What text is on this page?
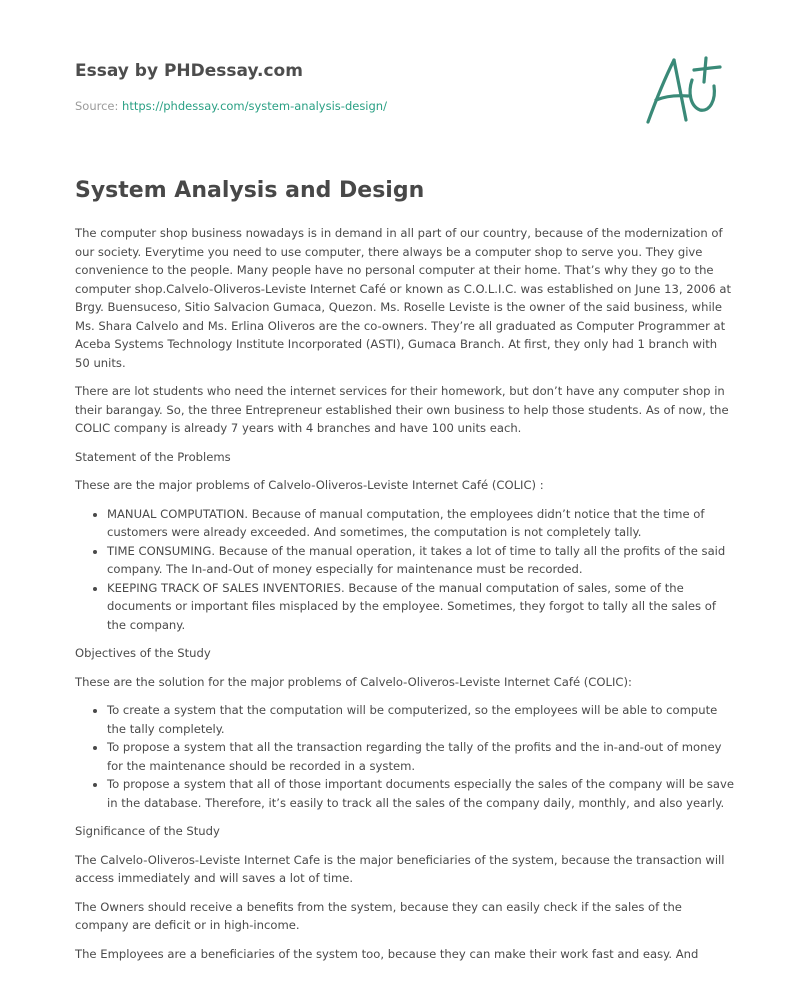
Essay by PHDessay.com
Source: https://phdessay.com/system-analysis-design/
System Analysis and Design

The computer shop business nowadays is in demand in all part of our country, because of the modernization of our society. Everytime you need to use computer, there always be a computer shop to serve you. They give convenience to the people. Many people have no personal computer at their home. That’s why they go to the computer shop.Calvelo-Oliveros-Leviste Internet Café or known as C.O.L.I.C. was established on June 13, 2006 at Brgy. Buensuceso, Sitio Salvacion Gumaca, Quezon. Ms. Roselle Leviste is the owner of the said business, while Ms. Shara Calvelo and Ms. Erlina Oliveros are the co-owners. They’re all graduated as Computer Programmer at Aceba Systems Technology Institute Incorporated (ASTI), Gumaca Branch. At first, they only had 1 branch with 50 units.

There are lot students who need the internet services for their homework, but don’t have any computer shop in their barangay. So, the three Entrepreneur established their own business to help those students. As of now, the COLIC company is already 7 years with 4 branches and have 100 units each.

Statement of the Problems

These are the major problems of Calvelo-Oliveros-Leviste Internet Café (COLIC) :

• MANUAL COMPUTATION. Because of manual computation, the employees didn’t notice that the time of customers were already exceeded. And sometimes, the computation is not completely tally.
• TIME CONSUMING. Because of the manual operation, it takes a lot of time to tally all the profits of the said company. The In-and-Out of money especially for maintenance must be recorded.
• KEEPING TRACK OF SALES INVENTORIES. Because of the manual computation of sales, some of the documents or important files misplaced by the employee. Sometimes, they forgot to tally all the sales of the company.

Objectives of the Study

These are the solution for the major problems of Calvelo-Oliveros-Leviste Internet Café (COLIC):

• To create a system that the computation will be computerized, so the employees will be able to compute the tally completely.
• To propose a system that all the transaction regarding the tally of the profits and the in-and-out of money for the maintenance should be recorded in a system.
• To propose a system that all of those important documents especially the sales of the company will be save in the database. Therefore, it’s easily to track all the sales of the company daily, monthly, and also yearly.

Significance of the Study

The Calvelo-Oliveros-Leviste Internet Cafe is the major beneficiaries of the system, because the transaction will access immediately and will saves a lot of time.

The Owners should receive a benefits from the system, because they can easily check if the sales of the company are deficit or in high-income.

The Employees are a beneficiaries of the system too, because they can make their work fast and easy. And
